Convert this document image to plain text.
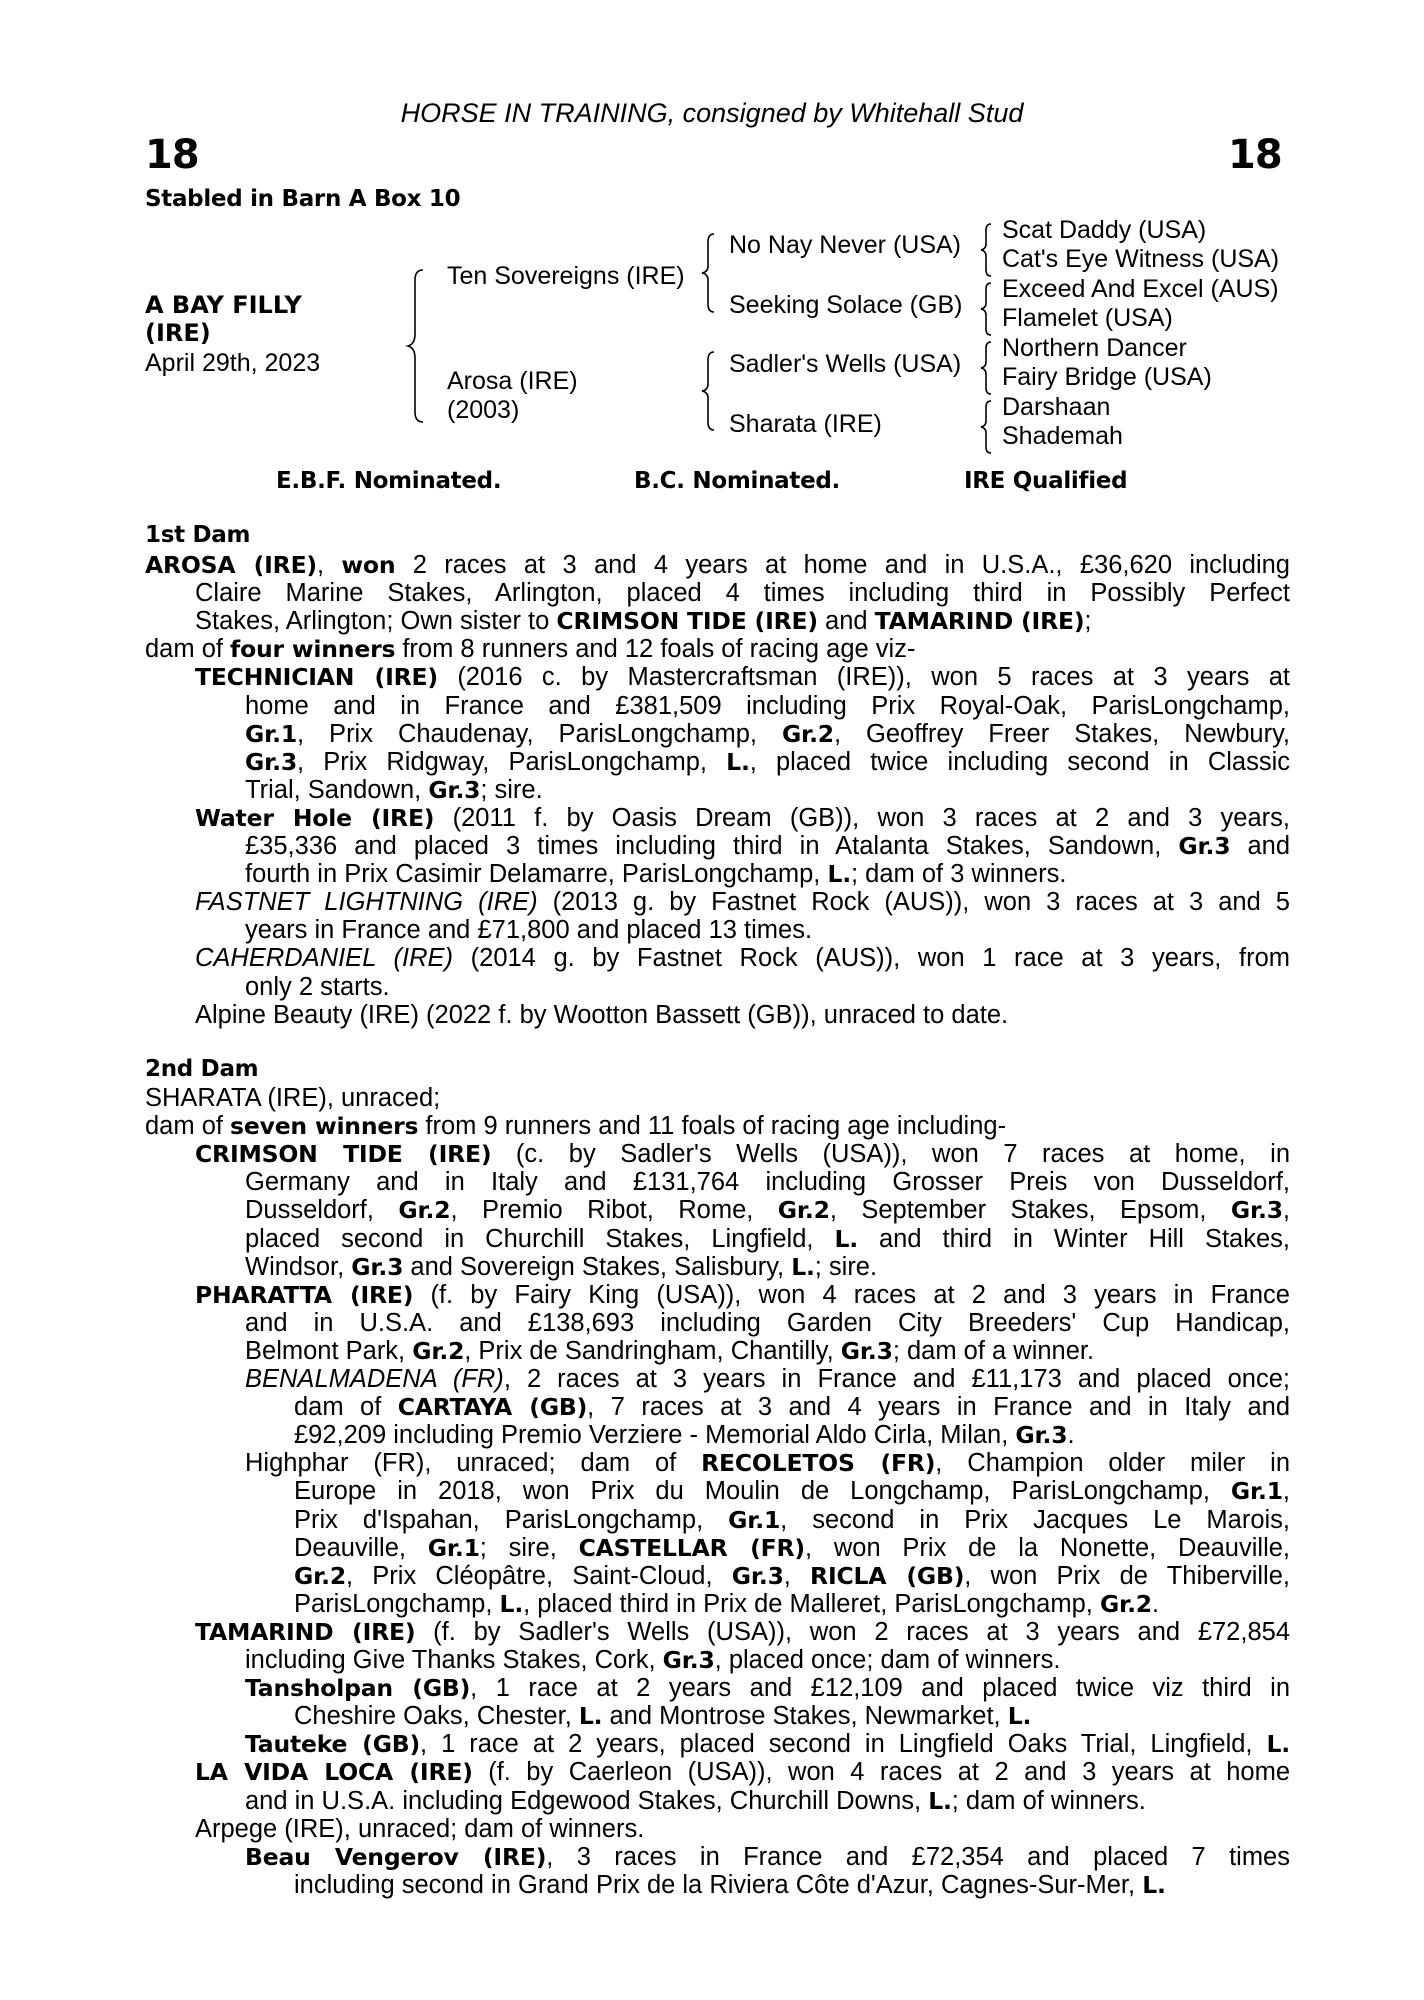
HORSE IN TRAINING, consigned by Whitehall Stud
18	18
Stabled in Barn A Box 10
A BAY FILLY
(IRE)
April 29th, 2023
Ten Sovereigns (IRE)
Arosa (IRE)
(2003)
No Nay Never (USA)
Seeking Solace (GB)
Sadler's Wells (USA)
Sharata (IRE)
Scat Daddy (USA)
Cat's Eye Witness (USA)
Exceed And Excel (AUS)
Flamelet (USA)
Northern Dancer
Fairy Bridge (USA)
Darshaan
Shademah
E.B.F. Nominated.	B.C. Nominated.	IRE Qualified
1st Dam
AROSA (IRE), won 2 races at 3 and 4 years at home and in U.S.A., £36,620 including
Claire Marine Stakes, Arlington, placed 4 times including third in Possibly Perfect
Stakes, Arlington; Own sister to CRIMSON TIDE (IRE) and TAMARIND (IRE);
dam of four winners from 8 runners and 12 foals of racing age viz-
TECHNICIAN (IRE) (2016 c. by Mastercraftsman (IRE)), won 5 races at 3 years at
home and in France and £381,509 including Prix Royal-Oak, ParisLongchamp,
Gr.1, Prix Chaudenay, ParisLongchamp, Gr.2, Geoffrey Freer Stakes, Newbury,
Gr.3, Prix Ridgway, ParisLongchamp, L., placed twice including second in Classic
Trial, Sandown, Gr.3; sire.
Water Hole (IRE) (2011 f. by Oasis Dream (GB)), won 3 races at 2 and 3 years,
£35,336 and placed 3 times including third in Atalanta Stakes, Sandown, Gr.3 and
fourth in Prix Casimir Delamarre, ParisLongchamp, L.; dam of 3 winners.
FASTNET LIGHTNING (IRE) (2013 g. by Fastnet Rock (AUS)), won 3 races at 3 and 5
years in France and £71,800 and placed 13 times.
CAHERDANIEL (IRE) (2014 g. by Fastnet Rock (AUS)), won 1 race at 3 years, from
only 2 starts.
Alpine Beauty (IRE) (2022 f. by Wootton Bassett (GB)), unraced to date.
2nd Dam
SHARATA (IRE), unraced;
dam of seven winners from 9 runners and 11 foals of racing age including-
CRIMSON TIDE (IRE) (c. by Sadler's Wells (USA)), won 7 races at home, in
Germany and in Italy and £131,764 including Grosser Preis von Dusseldorf,
Dusseldorf, Gr.2, Premio Ribot, Rome, Gr.2, September Stakes, Epsom, Gr.3,
placed second in Churchill Stakes, Lingfield, L. and third in Winter Hill Stakes,
Windsor, Gr.3 and Sovereign Stakes, Salisbury, L.; sire.
PHARATTA (IRE) (f. by Fairy King (USA)), won 4 races at 2 and 3 years in France
and in U.S.A. and £138,693 including Garden City Breeders' Cup Handicap,
Belmont Park, Gr.2, Prix de Sandringham, Chantilly, Gr.3; dam of a winner.
BENALMADENA (FR), 2 races at 3 years in France and £11,173 and placed once;
dam of CARTAYA (GB), 7 races at 3 and 4 years in France and in Italy and
£92,209 including Premio Verziere - Memorial Aldo Cirla, Milan, Gr.3.
Highphar (FR), unraced; dam of RECOLETOS (FR), Champion older miler in
Europe in 2018, won Prix du Moulin de Longchamp, ParisLongchamp, Gr.1,
Prix d'Ispahan, ParisLongchamp, Gr.1, second in Prix Jacques Le Marois,
Deauville, Gr.1; sire, CASTELLAR (FR), won Prix de la Nonette, Deauville,
Gr.2, Prix Cléopâtre, Saint-Cloud, Gr.3, RICLA (GB), won Prix de Thiberville,
ParisLongchamp, L., placed third in Prix de Malleret, ParisLongchamp, Gr.2.
TAMARIND (IRE) (f. by Sadler's Wells (USA)), won 2 races at 3 years and £72,854
including Give Thanks Stakes, Cork, Gr.3, placed once; dam of winners.
Tansholpan (GB), 1 race at 2 years and £12,109 and placed twice viz third in
Cheshire Oaks, Chester, L. and Montrose Stakes, Newmarket, L.
Tauteke (GB), 1 race at 2 years, placed second in Lingfield Oaks Trial, Lingfield, L.
LA VIDA LOCA (IRE) (f. by Caerleon (USA)), won 4 races at 2 and 3 years at home
and in U.S.A. including Edgewood Stakes, Churchill Downs, L.; dam of winners.
Arpege (IRE), unraced; dam of winners.
Beau Vengerov (IRE), 3 races in France and £72,354 and placed 7 times
including second in Grand Prix de la Riviera Côte d'Azur, Cagnes-Sur-Mer, L.
